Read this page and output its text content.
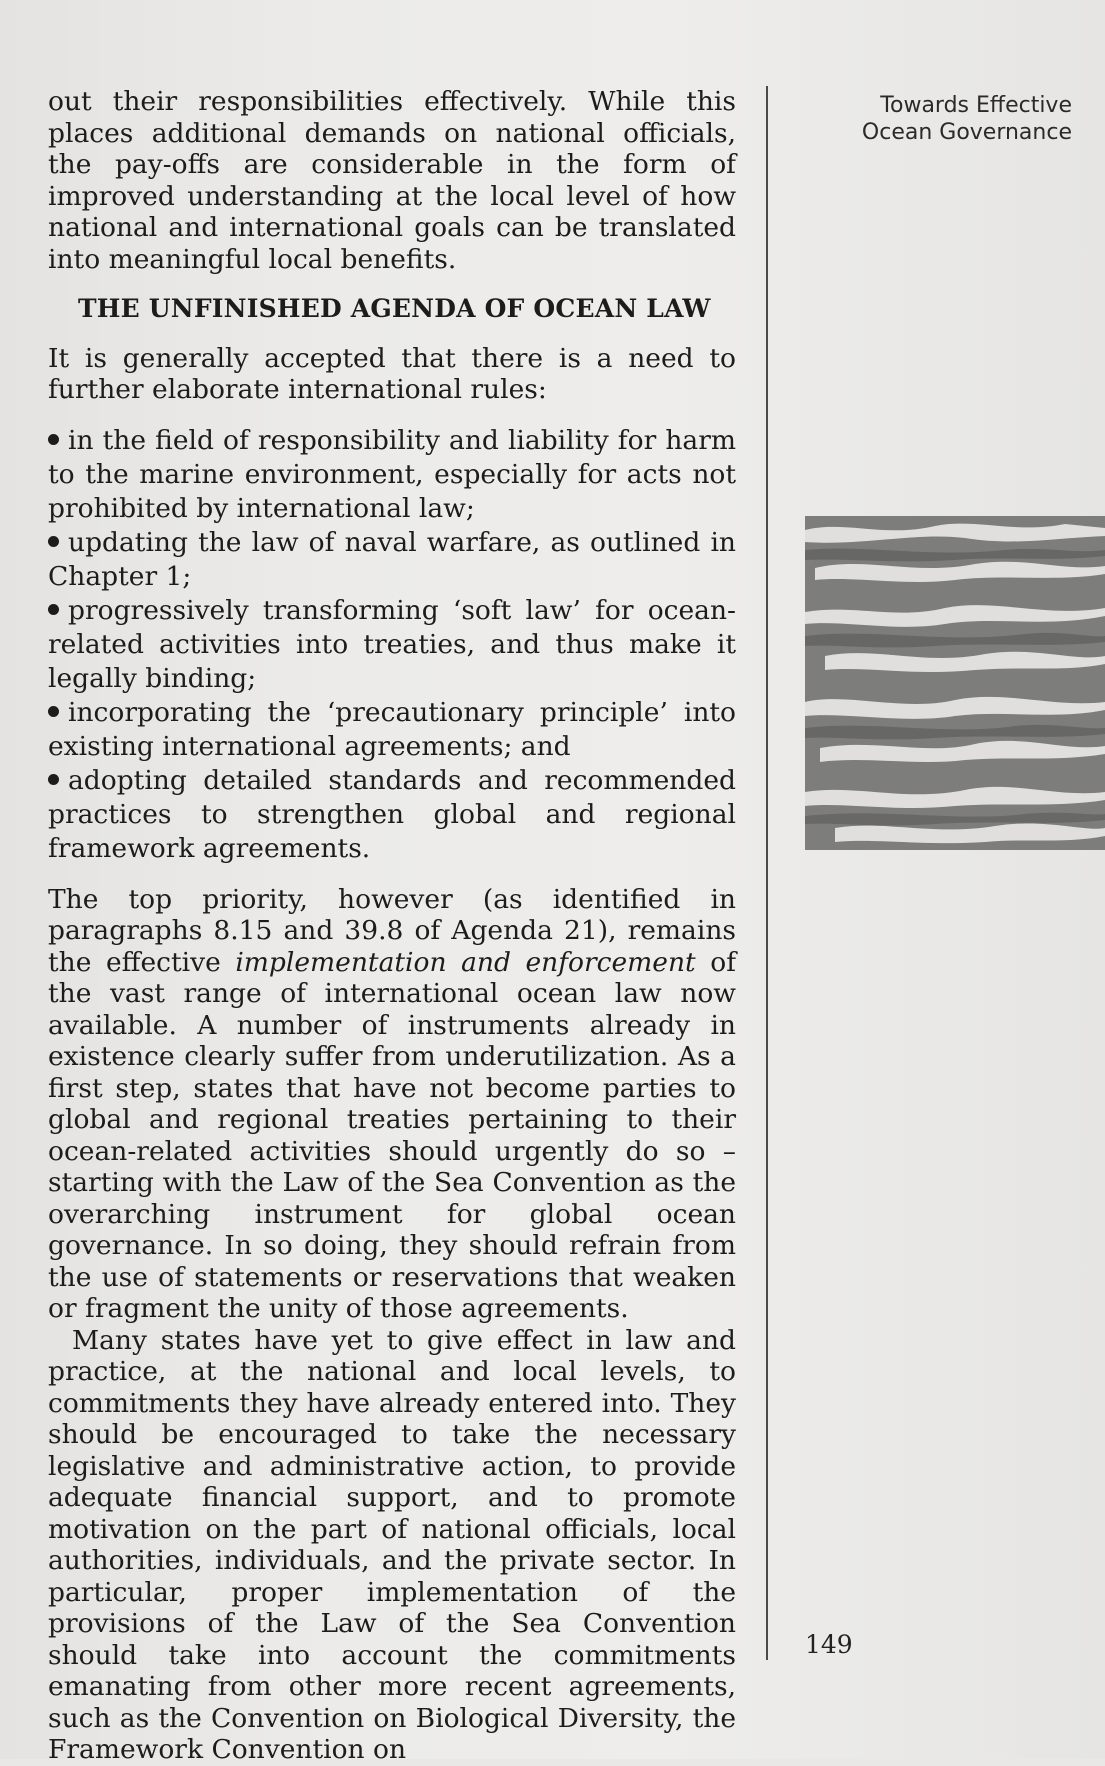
out their responsibilities effectively. While this places additional demands on national officials, the pay-offs are considerable in the form of improved understanding at the local level of how national and international goals can be translated into meaningful local benefits.

THE UNFINISHED AGENDA OF OCEAN LAW

It is generally accepted that there is a need to further elaborate international rules:

in the field of responsibility and liability for harm to the marine environment, especially for acts not prohibited by international law;
updating the law of naval warfare, as outlined in Chapter 1;
progressively transforming ‘soft law’ for ocean-related activities into treaties, and thus make it legally binding;
incorporating the ‘precautionary principle’ into existing international agreements; and
adopting detailed standards and recommended practices to strengthen global and regional framework agreements.

The top priority, however (as identified in paragraphs 8.15 and 39.8 of Agenda 21), remains the effective implementation and enforcement of the vast range of international ocean law now available. A number of instruments already in existence clearly suffer from underutilization. As a first step, states that have not become parties to global and regional treaties pertaining to their ocean-related activities should urgently do so – starting with the Law of the Sea Convention as the overarching instrument for global ocean governance. In so doing, they should refrain from the use of statements or reservations that weaken or fragment the unity of those agreements.

Many states have yet to give effect in law and practice, at the national and local levels, to commitments they have already entered into. They should be encouraged to take the necessary legislative and administrative action, to provide adequate financial support, and to promote motivation on the part of national officials, local authorities, individuals, and the private sector. In particular, proper implementation of the provisions of the Law of the Sea Convention should take into account the commitments emanating from other more recent agreements, such as the Convention on Biological Diversity, the Framework Convention on

Towards Effective
Ocean Governance
149
